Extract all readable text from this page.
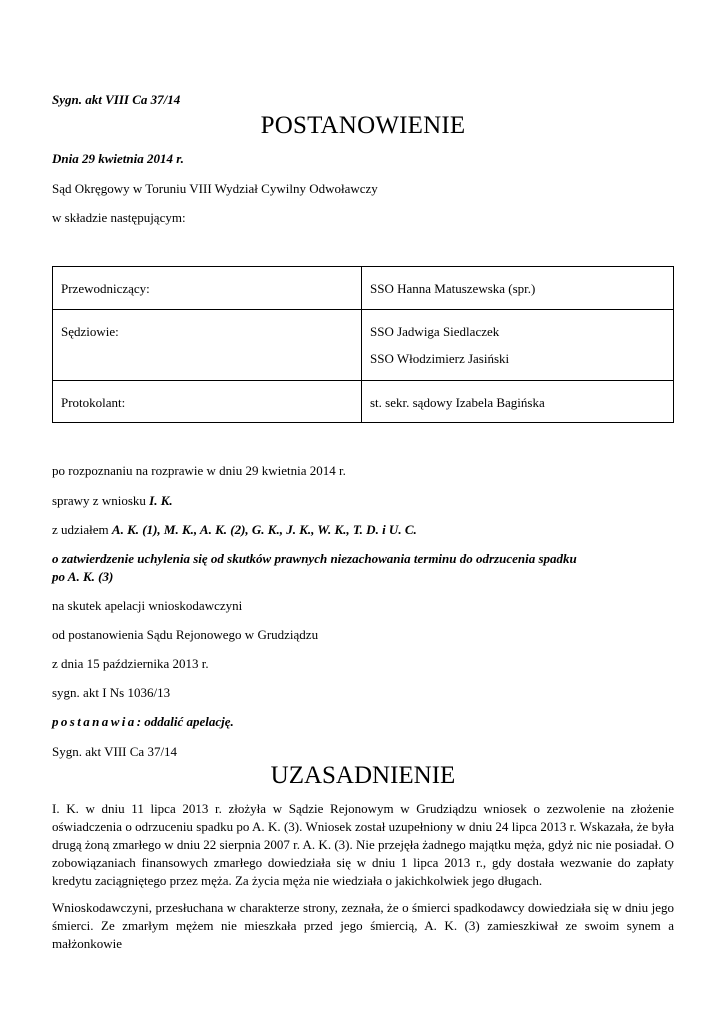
Sygn. akt VIII Ca 37/14
POSTANOWIENIE
Dnia 29 kwietnia 2014 r.
Sąd Okręgowy w Toruniu VIII Wydział Cywilny Odwoławczy
w składzie następującym:
Przewodniczący:	SSO Hanna Matuszewska (spr.)

Sędziowie:	SSO Jadwiga Siedlaczek
SSO Włodzimierz Jasiński

Protokolant:	st. sekr. sądowy Izabela Bagińska
po rozpoznaniu na rozprawie w dniu 29 kwietnia 2014 r.
sprawy z wniosku I. K.
z udziałem A. K. (1), M. K., A. K. (2), G. K., J. K., W. K., T. D. i U. C.
o zatwierdzenie uchylenia się od skutków prawnych niezachowania terminu do odrzucenia spadku
po A. K. (3)
na skutek apelacji wnioskodawczyni
od postanowienia Sądu Rejonowego w Grudziądzu
z dnia 15 października 2013 r.
sygn. akt I Ns 1036/13
postanawia: oddalić apelację.
Sygn. akt VIII Ca 37/14
UZASADNIENIE
I. K. w dniu 11 lipca 2013 r. złożyła w Sądzie Rejonowym w Grudziądzu wniosek o zezwolenie na złożenie oświadczenia o odrzuceniu spadku po A. K. (3). Wniosek został uzupełniony w dniu 24 lipca 2013 r. Wskazała, że była drugą żoną zmarłego w dniu 22 sierpnia 2007 r. A. K. (3). Nie przejęła żadnego majątku męża, gdyż nic nie posiadał. O zobowiązaniach finansowych zmarłego dowiedziała się w dniu 1 lipca 2013 r., gdy dostała wezwanie do zapłaty kredytu zaciągniętego przez męża. Za życia męża nie wiedziała o jakichkolwiek jego długach.
Wnioskodawczyni, przesłuchana w charakterze strony, zeznała, że o śmierci spadkodawcy dowiedziała się w dniu jego śmierci. Ze zmarłym mężem nie mieszkała przed jego śmiercią, A. K. (3) zamieszkiwał ze swoim synem a małżonkowie
